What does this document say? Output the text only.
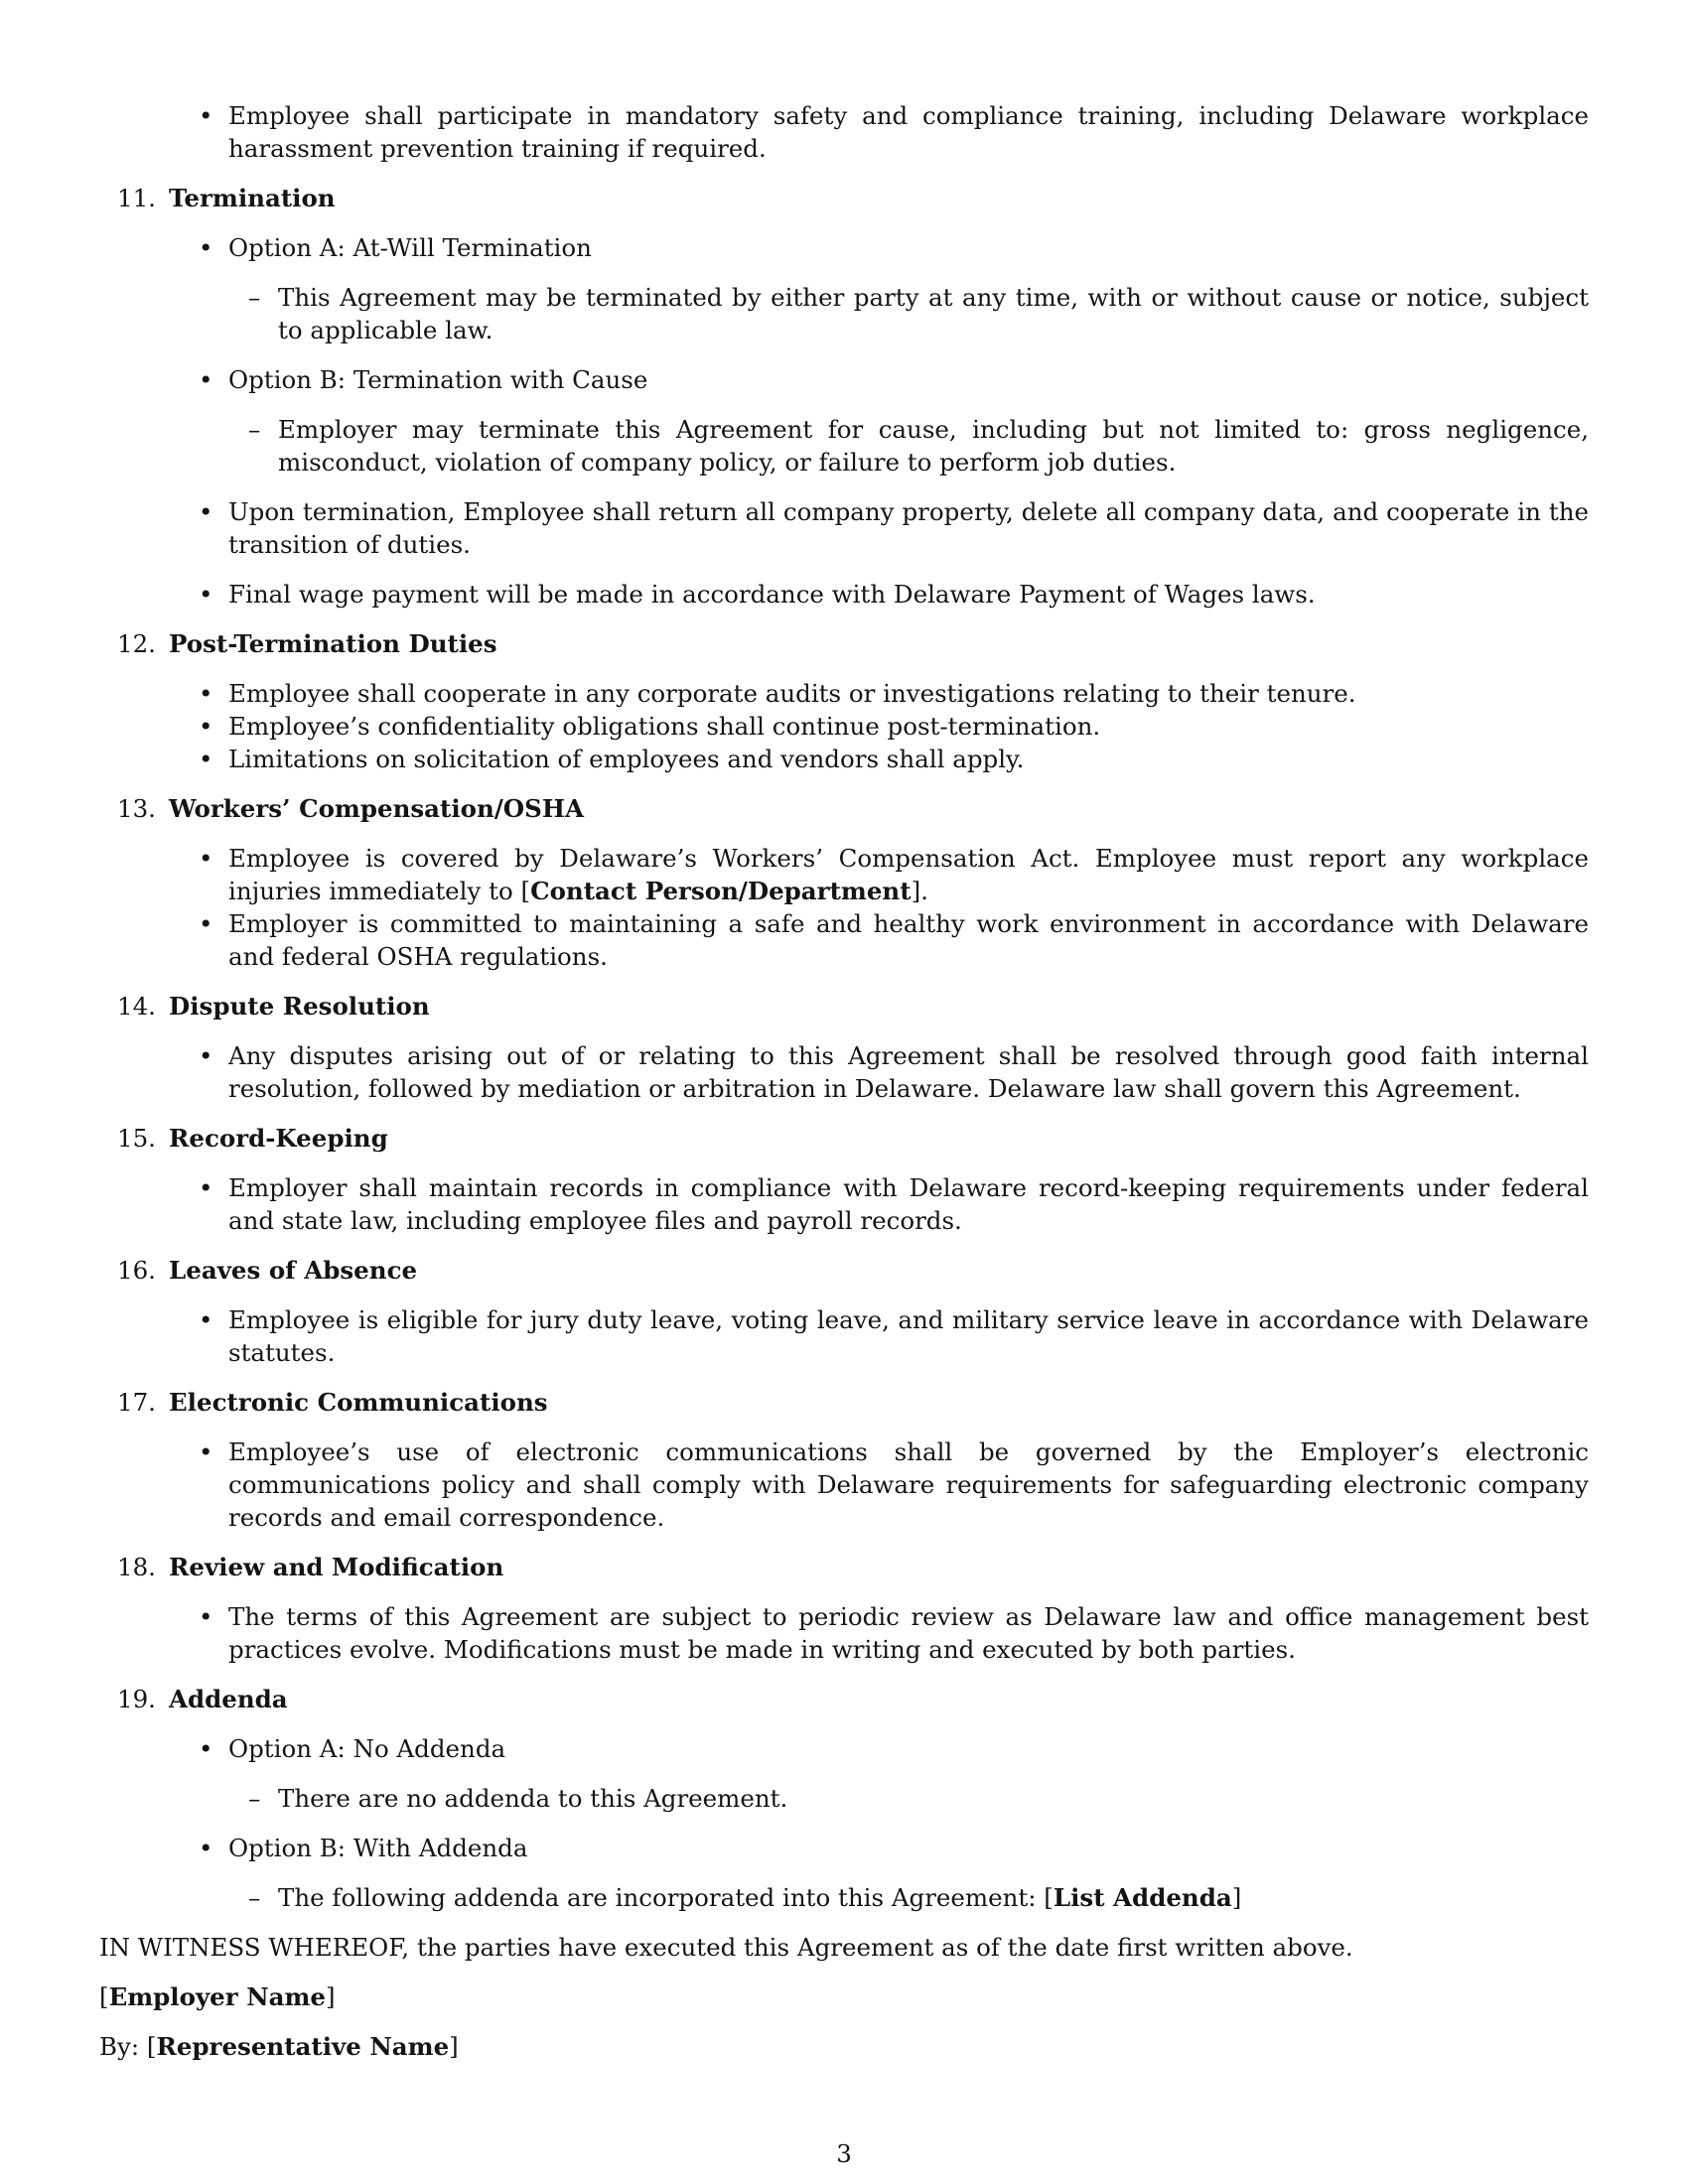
• Employee shall participate in mandatory safety and compliance training, including Delaware workplace harassment prevention training if required.
11. Termination
• Option A: At-Will Termination
– This Agreement may be terminated by either party at any time, with or without cause or notice, subject to applicable law.
• Option B: Termination with Cause
– Employer may terminate this Agreement for cause, including but not limited to: gross negligence, misconduct, violation of company policy, or failure to perform job duties.
• Upon termination, Employee shall return all company property, delete all company data, and cooperate in the transition of duties.
• Final wage payment will be made in accordance with Delaware Payment of Wages laws.
12. Post-Termination Duties
• Employee shall cooperate in any corporate audits or investigations relating to their tenure.
• Employee’s confidentiality obligations shall continue post-termination.
• Limitations on solicitation of employees and vendors shall apply.
13. Workers’ Compensation/OSHA
• Employee is covered by Delaware’s Workers’ Compensation Act. Employee must report any workplace injuries immediately to [Contact Person/Department].
• Employer is committed to maintaining a safe and healthy work environment in accordance with Delaware and federal OSHA regulations.
14. Dispute Resolution
• Any disputes arising out of or relating to this Agreement shall be resolved through good faith internal resolution, followed by mediation or arbitration in Delaware. Delaware law shall govern this Agreement.
15. Record-Keeping
• Employer shall maintain records in compliance with Delaware record-keeping requirements under federal and state law, including employee files and payroll records.
16. Leaves of Absence
• Employee is eligible for jury duty leave, voting leave, and military service leave in accordance with Delaware statutes.
17. Electronic Communications
• Employee’s use of electronic communications shall be governed by the Employer’s electronic communications policy and shall comply with Delaware requirements for safeguarding electronic company records and email correspondence.
18. Review and Modification
• The terms of this Agreement are subject to periodic review as Delaware law and office management best practices evolve. Modifications must be made in writing and executed by both parties.
19. Addenda
• Option A: No Addenda
– There are no addenda to this Agreement.
• Option B: With Addenda
– The following addenda are incorporated into this Agreement: [List Addenda]
IN WITNESS WHEREOF, the parties have executed this Agreement as of the date first written above.
[Employer Name]
By: [Representative Name]
3
